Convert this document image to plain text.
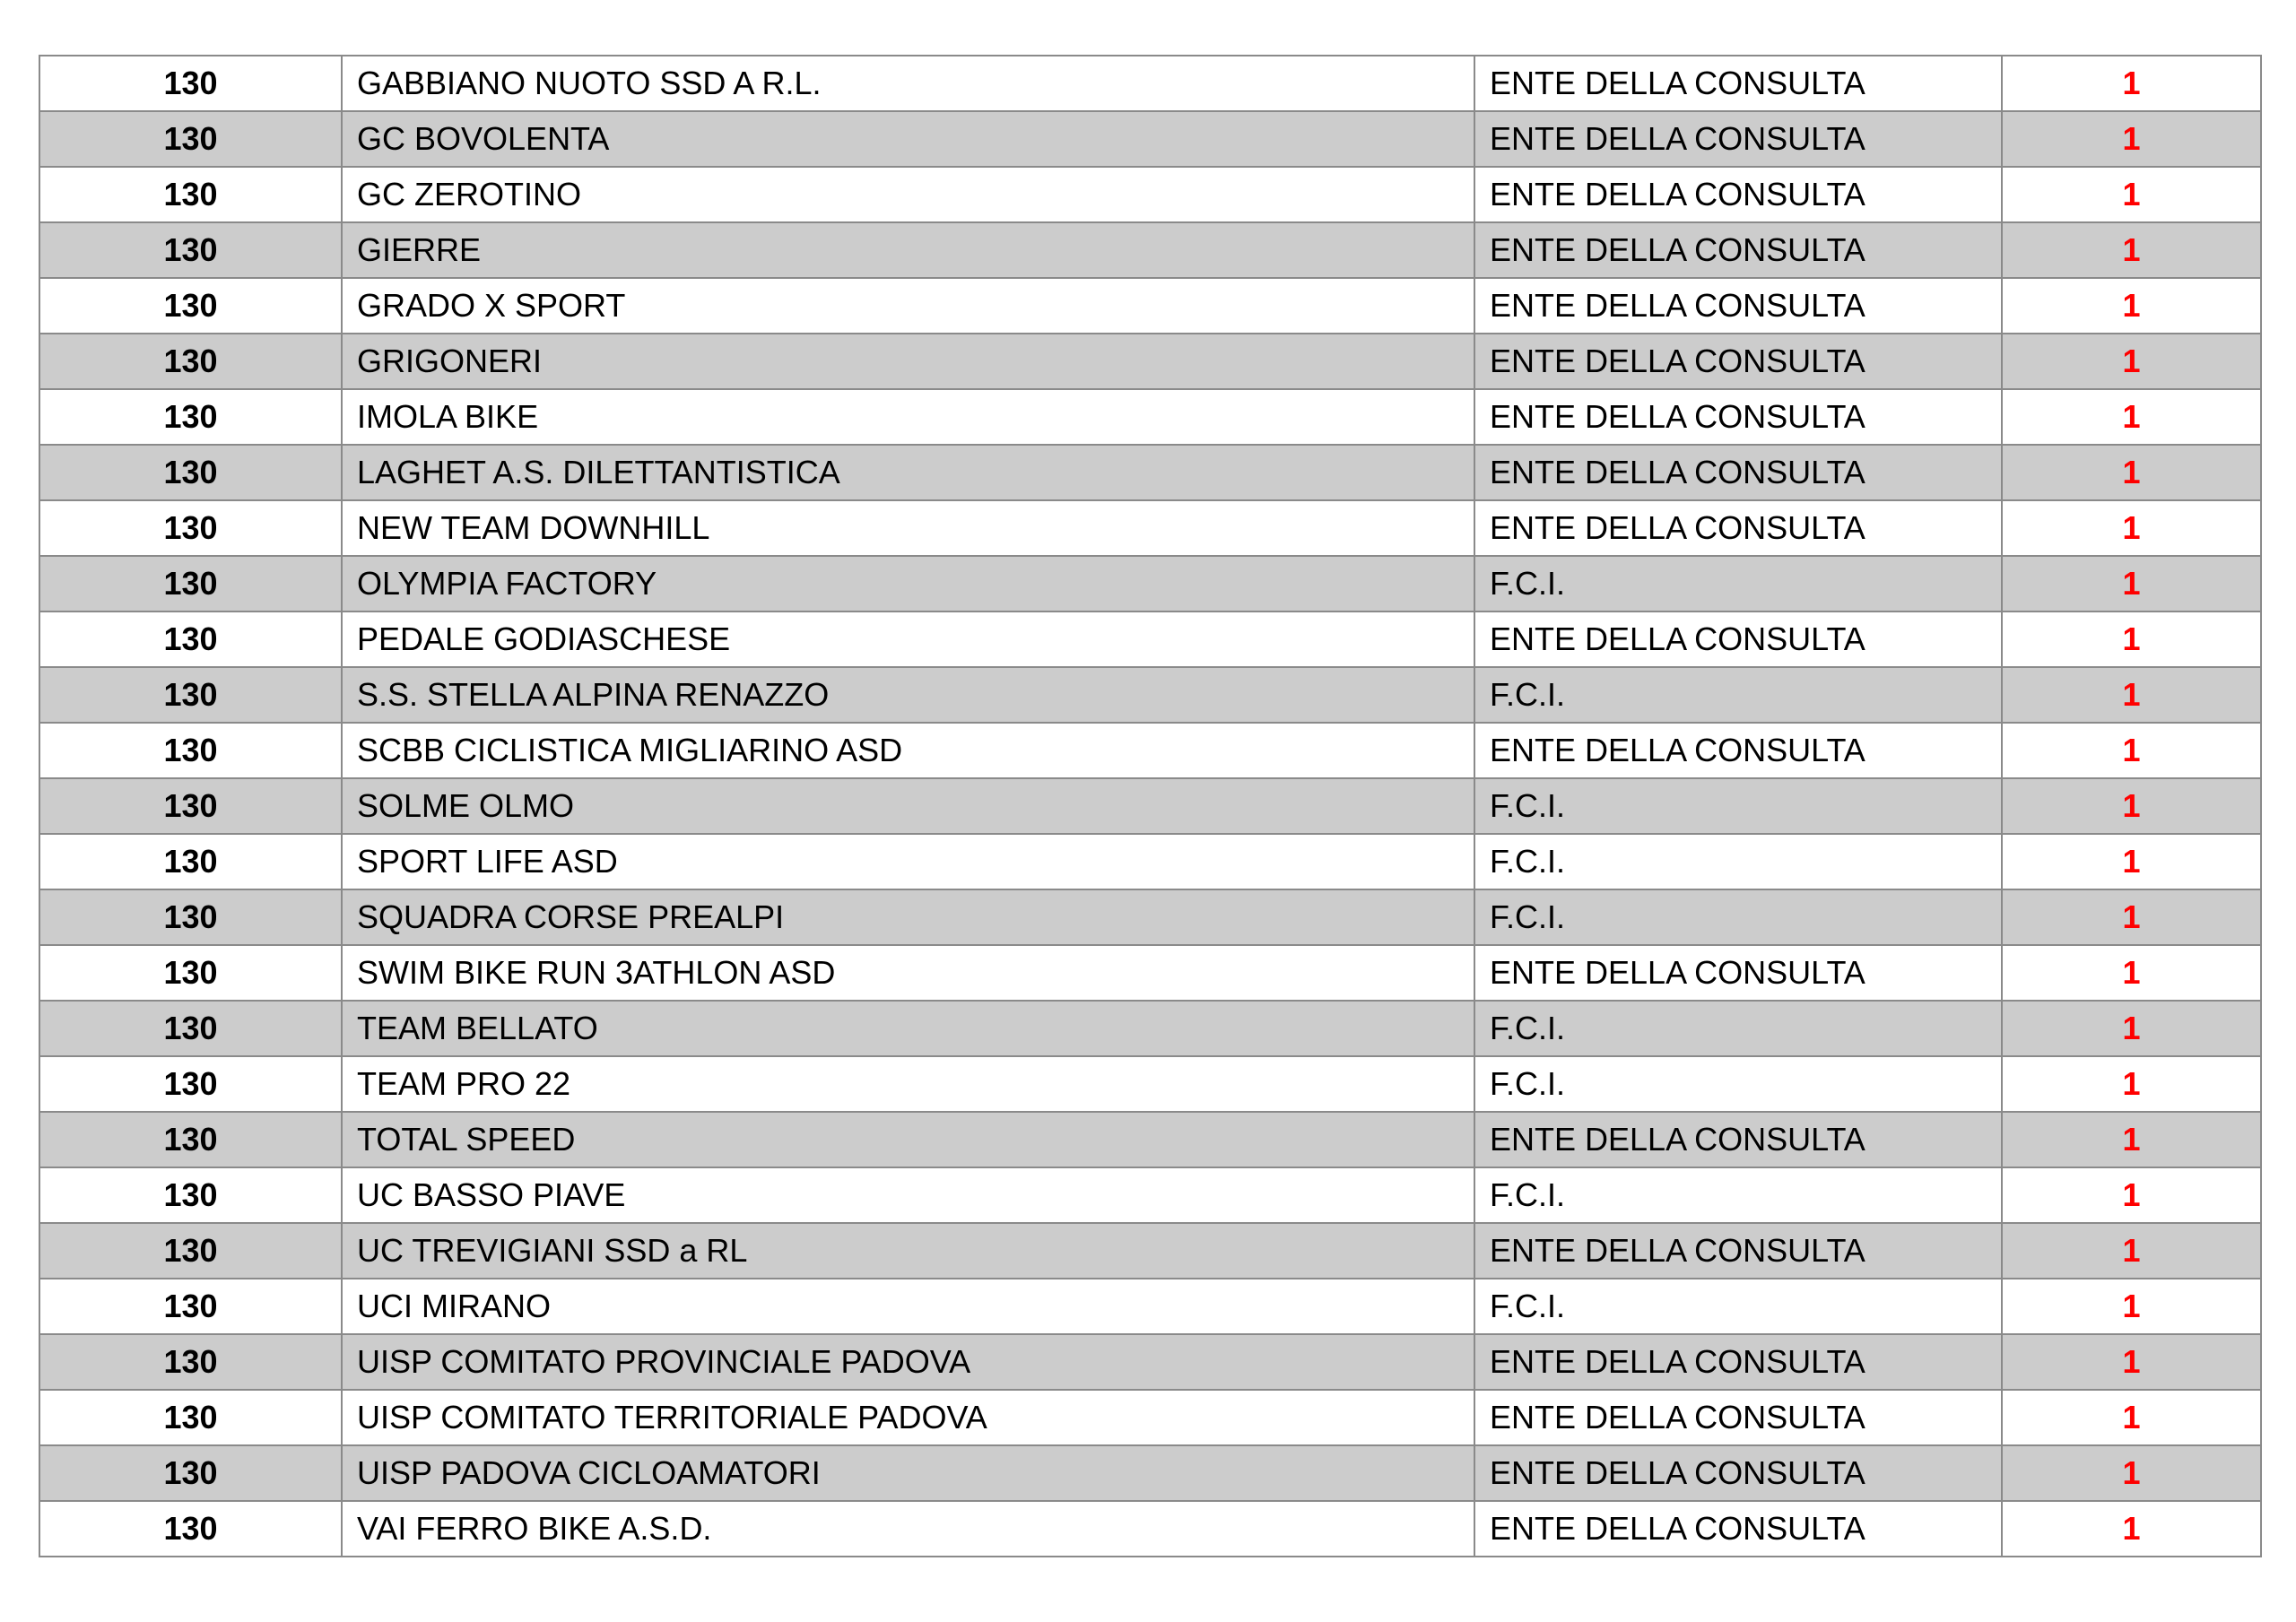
130	GABBIANO NUOTO SSD A R.L.	ENTE DELLA CONSULTA	1
130	GC BOVOLENTA	ENTE DELLA CONSULTA	1
130	GC ZEROTINO	ENTE DELLA CONSULTA	1
130	GIERRE	ENTE DELLA CONSULTA	1
130	GRADO X SPORT	ENTE DELLA CONSULTA	1
130	GRIGONERI	ENTE DELLA CONSULTA	1
130	IMOLA BIKE	ENTE DELLA CONSULTA	1
130	LAGHET A.S. DILETTANTISTICA	ENTE DELLA CONSULTA	1
130	NEW TEAM DOWNHILL	ENTE DELLA CONSULTA	1
130	OLYMPIA FACTORY	F.C.I.	1
130	PEDALE GODIASCHESE	ENTE DELLA CONSULTA	1
130	S.S. STELLA ALPINA RENAZZO	F.C.I.	1
130	SCBB CICLISTICA MIGLIARINO ASD	ENTE DELLA CONSULTA	1
130	SOLME OLMO	F.C.I.	1
130	SPORT LIFE ASD	F.C.I.	1
130	SQUADRA CORSE PREALPI	F.C.I.	1
130	SWIM BIKE RUN 3ATHLON ASD	ENTE DELLA CONSULTA	1
130	TEAM BELLATO	F.C.I.	1
130	TEAM PRO 22	F.C.I.	1
130	TOTAL SPEED	ENTE DELLA CONSULTA	1
130	UC BASSO PIAVE	F.C.I.	1
130	UC TREVIGIANI SSD a RL	ENTE DELLA CONSULTA	1
130	UCI MIRANO	F.C.I.	1
130	UISP COMITATO PROVINCIALE PADOVA	ENTE DELLA CONSULTA	1
130	UISP COMITATO TERRITORIALE PADOVA	ENTE DELLA CONSULTA	1
130	UISP PADOVA CICLOAMATORI	ENTE DELLA CONSULTA	1
130	VAI FERRO BIKE A.S.D.	ENTE DELLA CONSULTA	1
